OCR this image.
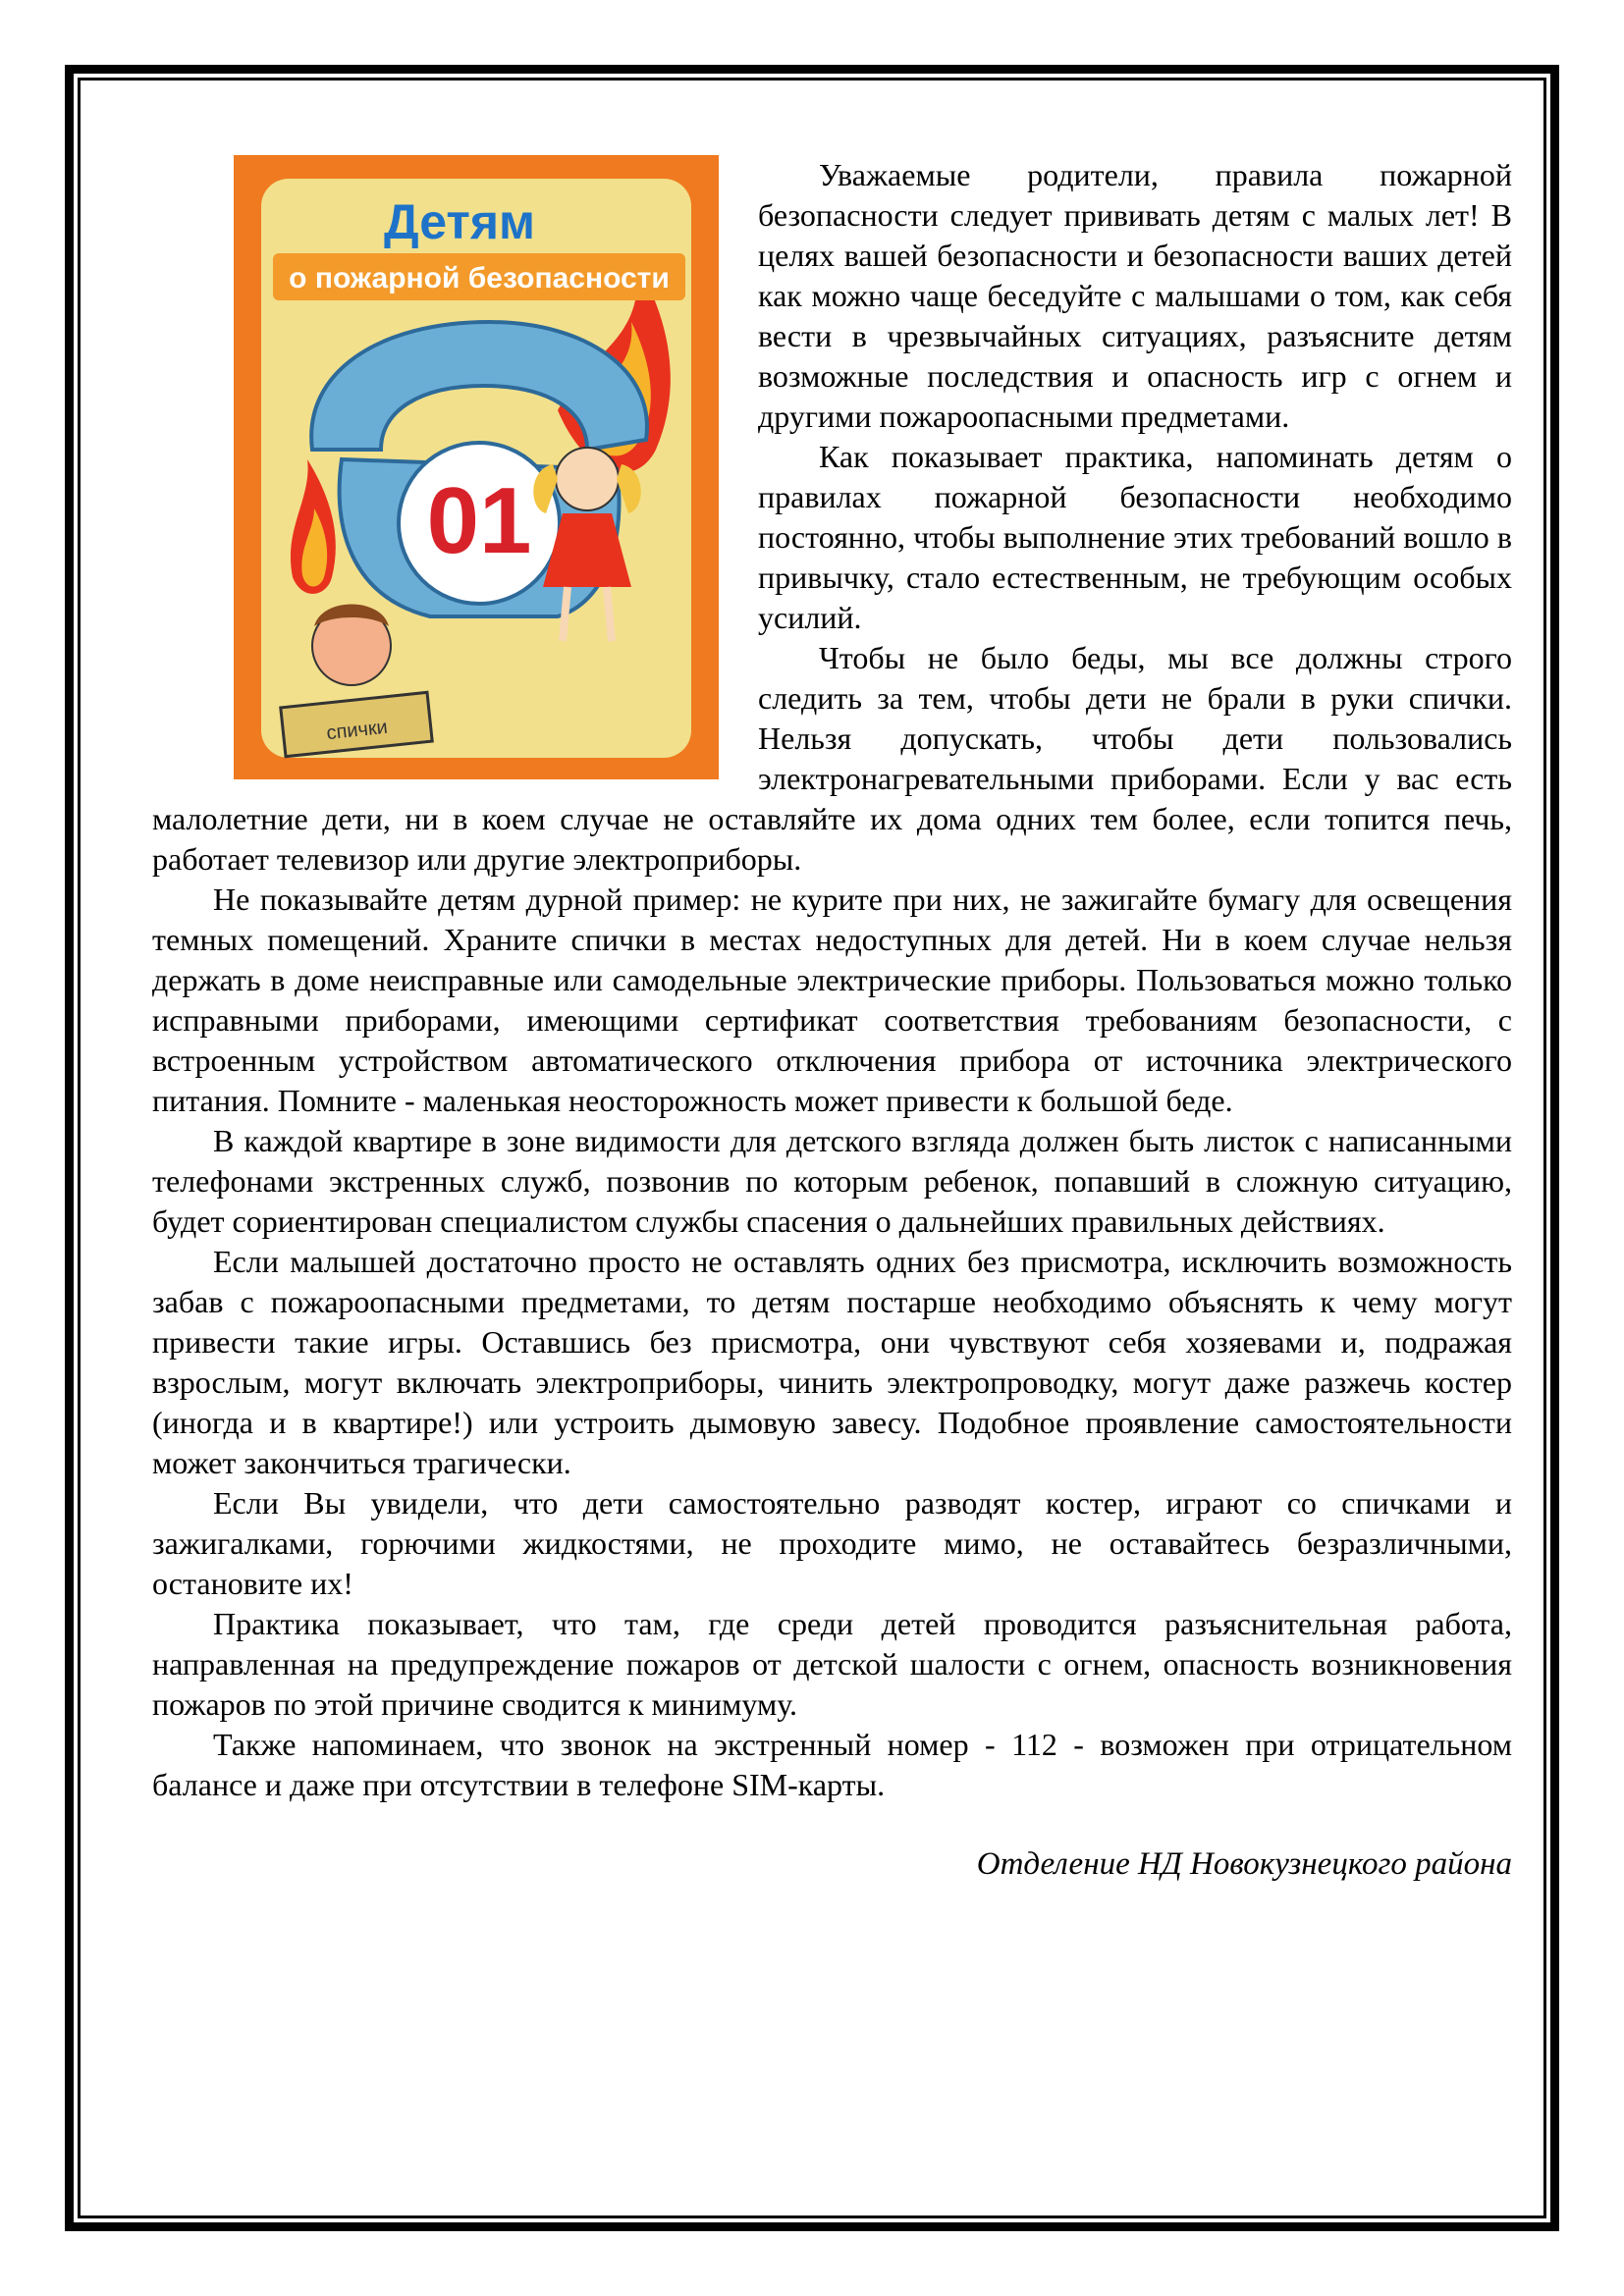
01
спички
Детям
о пожарной безопасности

Уважаемые родители, правила пожарной безопасности следует прививать детям с малых лет! В целях вашей безопасности и безопасности ваших детей как можно чаще беседуйте с малышами о том, как себя вести в чрезвычайных ситуациях, разъясните детям возможные последствия и опасность игр с огнем и другими пожароопасными предметами.

Как показывает практика, напоминать детям о правилах пожарной безопасности необходимо постоянно, чтобы выполнение этих требований вошло в привычку, стало естественным, не требующим особых усилий.

Чтобы не было беды, мы все должны строго следить за тем, чтобы дети не брали в руки спички. Нельзя допускать, чтобы дети пользовались электронагревательными приборами. Если у вас есть малолетние дети, ни в коем случае не оставляйте их дома одних тем более, если топится печь, работает телевизор или другие электроприборы.

Не показывайте детям дурной пример: не курите при них, не зажигайте бумагу для освещения темных помещений. Храните спички в местах недоступных для детей. Ни в коем случае нельзя держать в доме неисправные или самодельные электрические приборы. Пользоваться можно только исправными приборами, имеющими сертификат соответствия требованиям безопасности, с встроенным устройством автоматического отключения прибора от источника электрического питания. Помните - маленькая неосторожность может привести к большой беде.

В каждой квартире в зоне видимости для детского взгляда должен быть листок с написанными телефонами экстренных служб, позвонив по которым ребенок, попавший в сложную ситуацию, будет сориентирован специалистом службы спасения о дальнейших правильных действиях.

Если малышей достаточно просто не оставлять одних без присмотра, исключить возможность забав с пожароопасными предметами, то детям постарше необходимо объяснять к чему могут привести такие игры. Оставшись без присмотра, они чувствуют себя хозяевами и, подражая взрослым, могут включать электроприборы, чинить электропроводку, могут даже разжечь костер (иногда и в квартире!) или устроить дымовую завесу. Подобное проявление самостоятельности может закончиться трагически.

Если Вы увидели, что дети самостоятельно разводят костер, играют со спичками и зажигалками, горючими жидкостями, не проходите мимо, не оставайтесь безразличными, остановите их!

Практика показывает, что там, где среди детей проводится разъяснительная работа, направленная на предупреждение пожаров от детской шалости с огнем, опасность возникновения пожаров по этой причине сводится к минимуму.

Также напоминаем, что звонок на экстренный номер - 112 - возможен при отрицательном балансе и даже при отсутствии в телефоне SIM-карты.

Отделение НД Новокузнецкого района
